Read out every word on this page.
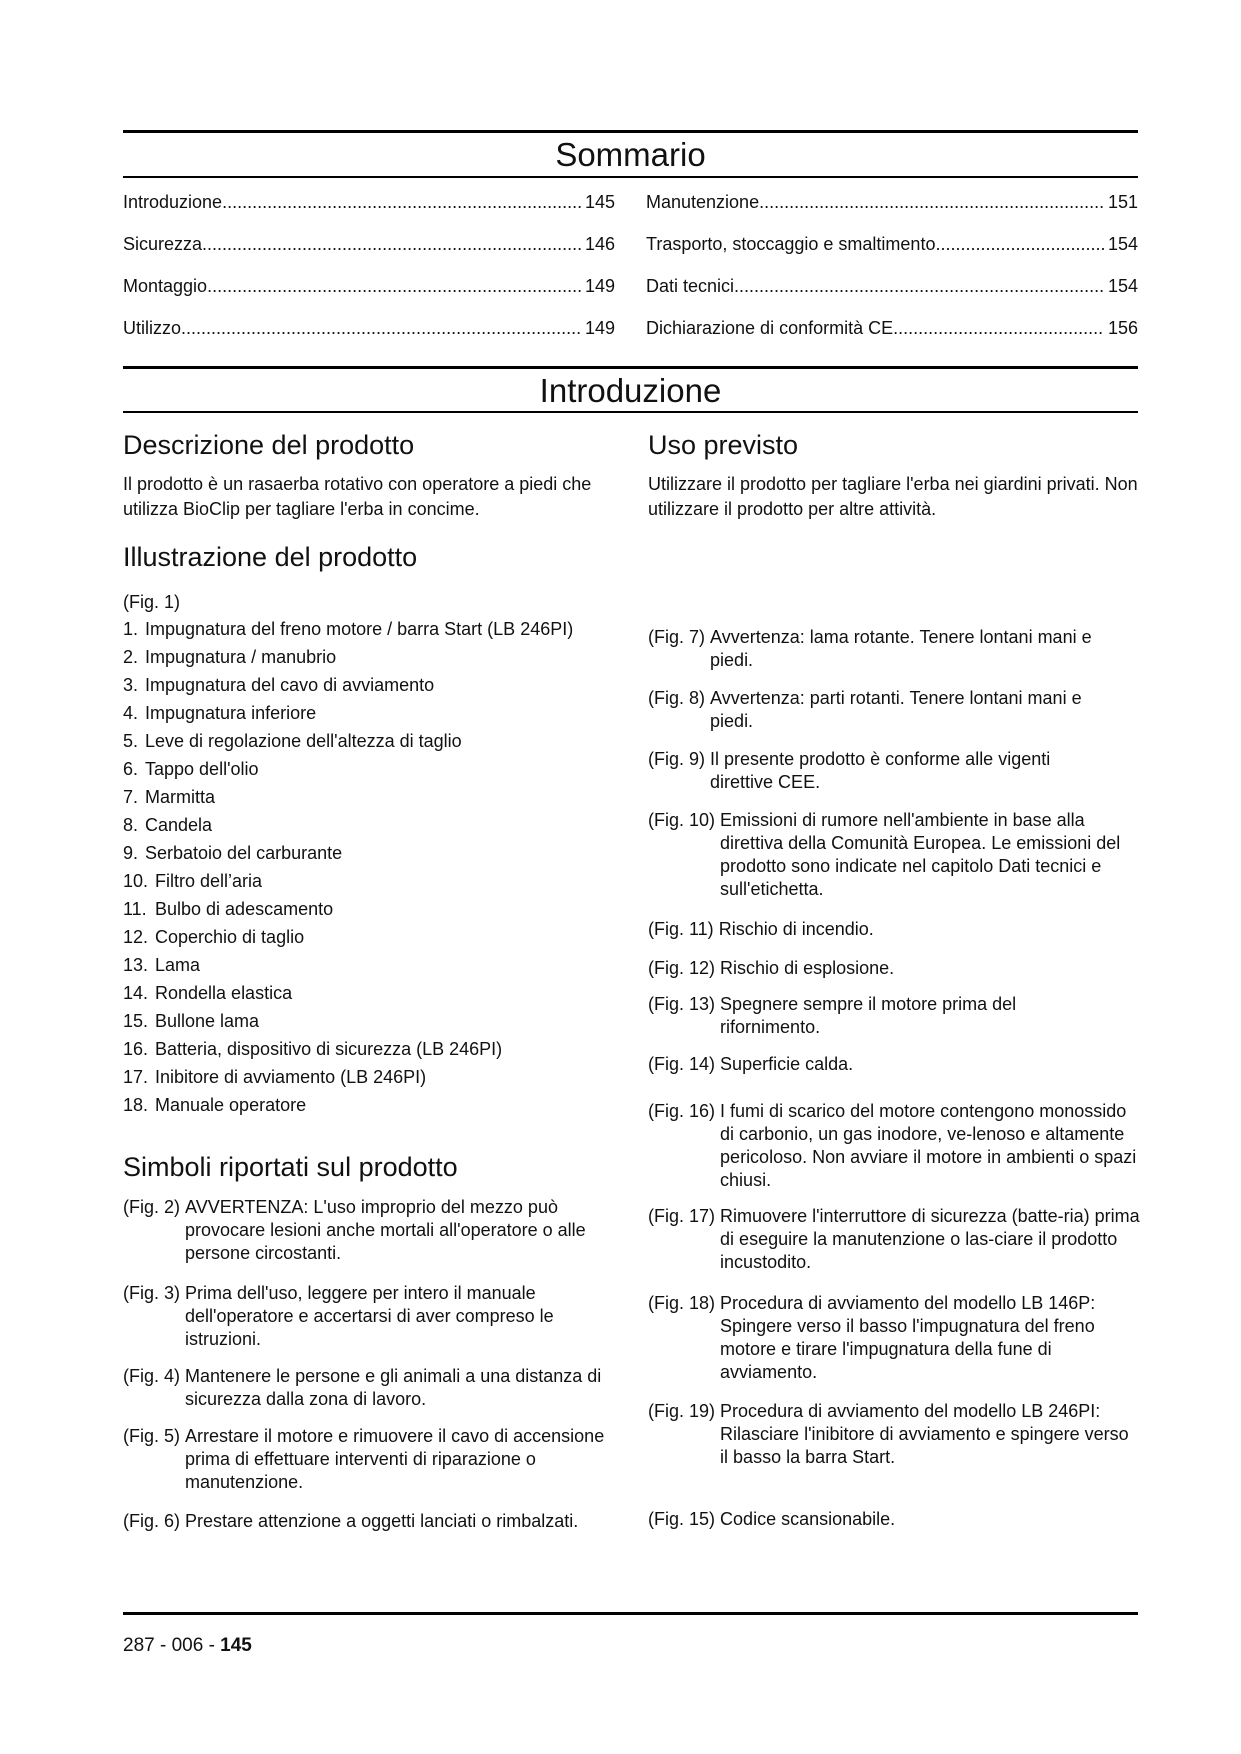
Sommario
Introduzione .....	145 Manutenzione .....	151
Sicurezza .....	146 Trasporto, stoccaggio e smaltimento .....	154
Montaggio .....	149 Dati tecnici .....	154
Utilizzo .....	149 Dichiarazione di conformità CE .....	156
Introduzione
Descrizione del prodotto

Il prodotto è un rasaerba rotativo con operatore a piedi che utilizza BioClip per tagliare l'erba in concime.

Uso previsto

Utilizzare il prodotto per tagliare l'erba nei giardini privati. Non utilizzare il prodotto per altre attività.

Illustrazione del prodotto

(Fig. 1)

1. Impugnatura del freno motore / barra Start (LB 246PI)
2. Impugnatura / manubrio
3. Impugnatura del cavo di avviamento
4. Impugnatura inferiore
5. Leve di regolazione dell'altezza di taglio
6. Tappo dell'olio
7. Marmitta
8. Candela
9. Serbatoio del carburante
10. Filtro dell’aria
11. Bulbo di adescamento
12. Coperchio di taglio
13. Lama
14. Rondella elastica
15. Bullone lama
16. Batteria, dispositivo di sicurezza (LB 246PI)
17. Inibitore di avviamento (LB 246PI)
18. Manuale operatore
Simboli riportati sul prodotto
(Fig. 2)
AVVERTENZA: L'uso improprio del mezzo può provocare lesioni anche mortali all'operatore o alle persone circostanti.
(Fig. 3)
Prima dell'uso, leggere per intero il manuale dell'operatore e accertarsi di aver compreso le istruzioni.
(Fig. 4)
Mantenere le persone e gli animali a una distanza di sicurezza dalla zona di lavoro.
(Fig. 5)
Arrestare il motore e rimuovere il cavo di accensione prima di effettuare interventi di riparazione o manutenzione.
(Fig. 6)
Prestare attenzione a oggetti lanciati o rimbalzati.
(Fig. 7)
Avvertenza: lama rotante. Tenere lontani mani e piedi.
(Fig. 8)
Avvertenza: parti rotanti. Tenere lontani mani e piedi.
(Fig. 9)
Il presente prodotto è conforme alle vigenti direttive CEE.
(Fig. 10)
Emissioni di rumore nell'ambiente in base alla direttiva della Comunità Europea. Le emissioni del prodotto sono indicate nel capitolo Dati tecnici e sull'etichetta.
(Fig. 11)
Rischio di incendio.
(Fig. 12)
Rischio di esplosione.
(Fig. 13)
Spegnere sempre il motore prima del rifornimento.
(Fig. 14)
Superficie calda.
(Fig. 16)
I fumi di scarico del motore contengono monossido di carbonio, un gas inodore, ve-lenoso e altamente pericoloso. Non avviare il motore in ambienti o spazi chiusi.
(Fig. 17)
Rimuovere l'interruttore di sicurezza (batte-ria) prima di eseguire la manutenzione o las-ciare il prodotto incustodito.
(Fig. 18)
Procedura di avviamento del modello LB 146P: Spingere verso il basso l'impugnatura del freno motore e tirare l'impugnatura della fune di avviamento.
(Fig. 19)
Procedura di avviamento del modello LB 246PI: Rilasciare l'inibitore di avviamento e spingere verso il basso la barra Start.
(Fig. 15)
Codice scansionabile.
287 - 006 - 145
